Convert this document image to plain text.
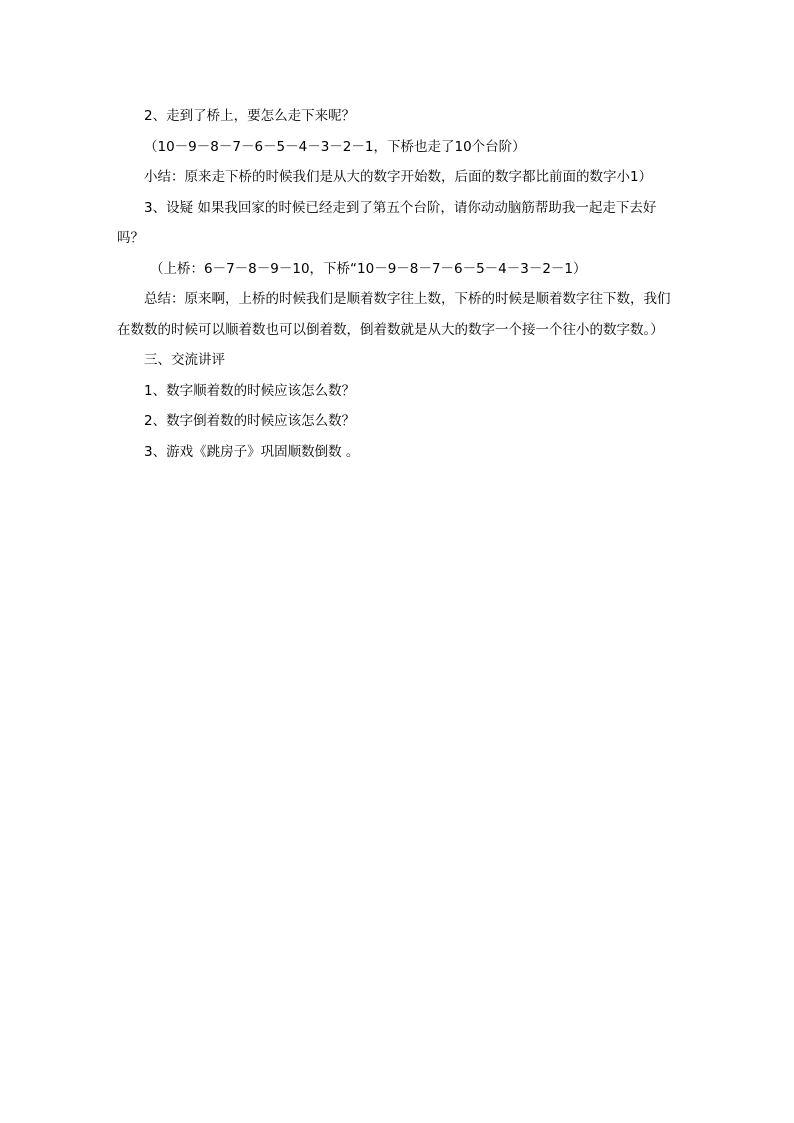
2、走到了桥上，要怎么走下来呢？

（10－9－8－7－6－5－4－3－2－1，下桥也走了10个台阶）

小结：原来走下桥的时候我们是从大的数字开始数，后面的数字都比前面的数字小1）

3、设疑 如果我回家的时候已经走到了第五个台阶，请你动动脑筋帮助我一起走下去好吗？

（上桥：6－7－8－9－10，下桥“10－9－8－7－6－5－4－3－2－1）

总结：原来啊，上桥的时候我们是顺着数字往上数，下桥的时候是顺着数字往下数，我们在数数的时候可以顺着数也可以倒着数，倒着数就是从大的数字一个接一个往小的数字数。）

三、交流讲评

1、数字顺着数的时候应该怎么数？

2、数字倒着数的时候应该怎么数？

3、游戏《跳房子》巩固顺数倒数 。
